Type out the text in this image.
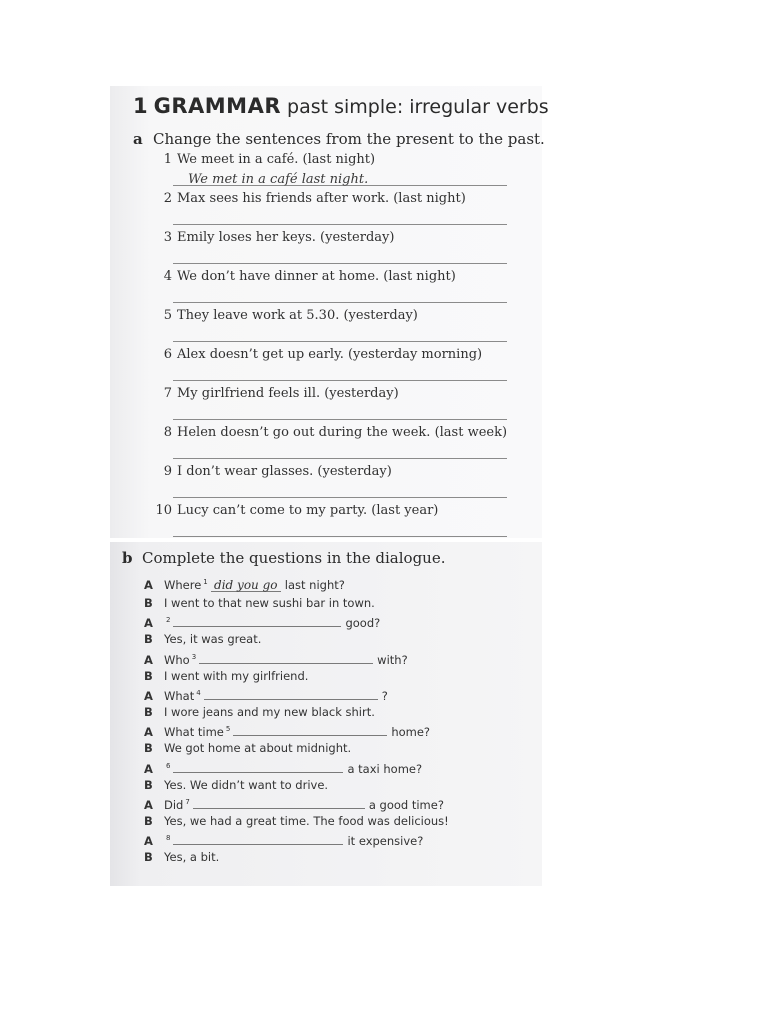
1 GRAMMAR past simple: irregular verbs
a Change the sentences from the present to the past.
1 We meet in a café. (last night)
We met in a café last night.
2 Max sees his friends after work. (last night)
3 Emily loses her keys. (yesterday)
4 We don’t have dinner at home. (last night)
5 They leave work at 5.30. (yesterday)
6 Alex doesn’t get up early. (yesterday morning)
7 My girlfriend feels ill. (yesterday)
8 Helen doesn’t go out during the week. (last week)
9 I don’t wear glasses. (yesterday)
10 Lucy can’t come to my party. (last year)
b Complete the questions in the dialogue.
A Where $^1$ did you go last night?
B I went to that new sushi bar in town.
A $^2$	good?
B Yes, it was great.
A Who $^3$	with?
B I went with my girlfriend.
A What $^4$	?
B I wore jeans and my new black shirt.
A What time $^5$	home?
B We got home at about midnight.
A $^6$	a taxi home?
B Yes. We didn’t want to drive.
A Did $^7$	a good time?
B Yes, we had a great time. The food was delicious!
A $^8$	it expensive?
B Yes, a bit.
